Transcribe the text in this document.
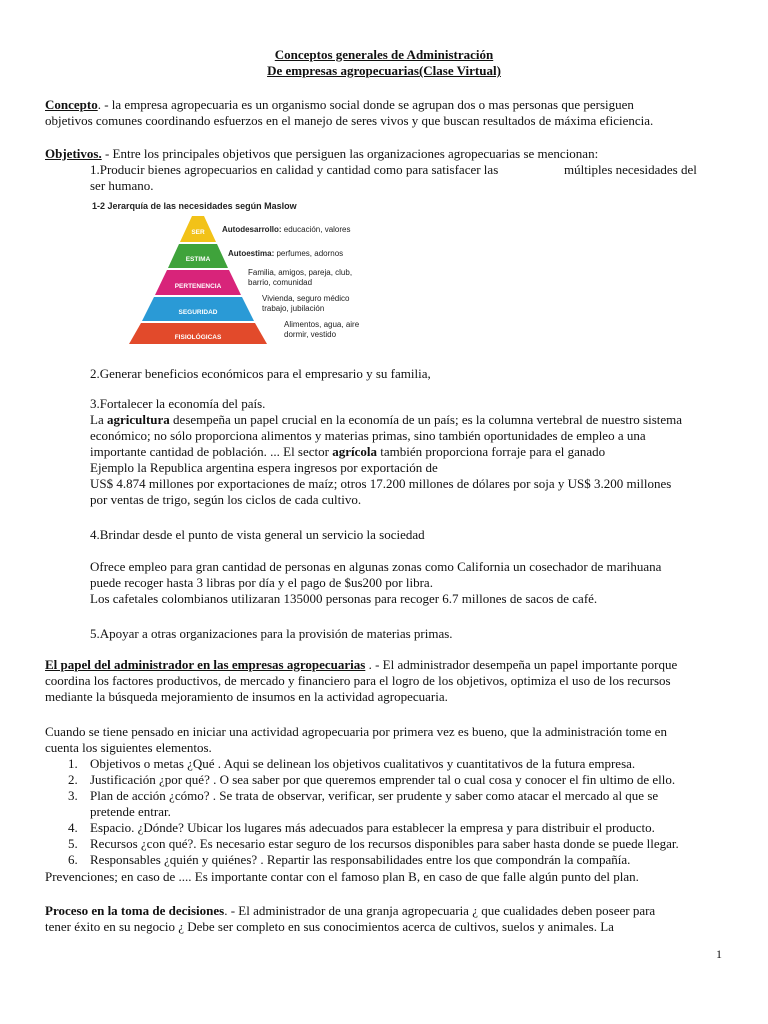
Conceptos generales de Administración
De empresas agropecuarias(Clase Virtual)
Concepto. - la empresa agropecuaria es un organismo social donde se agrupan dos o mas personas que persiguen
objetivos comunes coordinando esfuerzos en el manejo de seres vivos y que buscan resultados de máxima eficiencia.
Objetivos. - Entre los principales objetivos que persiguen las organizaciones agropecuarias se mencionan:
1.Producir bienes agropecuarios en calidad y cantidad como para satisfacer las	múltiples necesidades del
ser humano.
1-2 Jerarquía de las necesidades según Maslow
SER
ESTIMA
PERTENENCIA
SEGURIDAD
FISIOLÓGICAS
Autodesarrollo: educación, valores
Autoestima: perfumes, adornos
Familia, amigos, pareja, club,
barrio, comunidad
Vivienda, seguro médico
trabajo, jubilación
Alimentos, agua, aire
dormir, vestido
2.Generar beneficios económicos para el empresario y su familia,
3.Fortalecer la economía del país.
La agricultura desempeña un papel crucial en la economía de un país; es la columna vertebral de nuestro sistema
económico; no sólo proporciona alimentos y materias primas, sino también oportunidades de empleo a una
importante cantidad de población. ... El sector agrícola también proporciona forraje para el ganado
Ejemplo la Republica argentina espera ingresos por exportación de
US$ 4.874 millones por exportaciones de maíz; otros 17.200 millones de dólares por soja y US$ 3.200 millones
por ventas de trigo, según los ciclos de cada cultivo.
4.Brindar desde el punto de vista general un servicio la sociedad
Ofrece empleo para gran cantidad de personas en algunas zonas como California un cosechador de marihuana
puede recoger hasta 3 libras por día y el pago de $us200 por libra.
Los cafetales colombianos utilizaran 135000 personas para recoger 6.7 millones de sacos de café.
5.Apoyar a otras organizaciones para la provisión de materias primas.
El papel del administrador en las empresas agropecuarias . - El administrador desempeña un papel importante porque
coordina los factores productivos, de mercado y financiero para el logro de los objetivos, optimiza el uso de los recursos
mediante la búsqueda mejoramiento de insumos en la actividad agropecuaria.
Cuando se tiene pensado en iniciar una actividad agropecuaria por primera vez es bueno, que la administración tome en
cuenta los siguientes elementos.
1. Objetivos o metas ¿Qué . Aqui se delinean los objetivos cualitativos y cuantitativos de la futura empresa.
2. Justificación ¿por qué? . O sea saber por que queremos emprender tal o cual cosa y conocer el fin ultimo de ello.
3. Plan de acción ¿cómo? . Se trata de observar, verificar, ser prudente y saber como atacar el mercado al que se
pretende entrar.
4. Espacio. ¿Dónde? Ubicar los lugares más adecuados para establecer la empresa y para distribuir el producto.
5. Recursos ¿con qué?. Es necesario estar seguro de los recursos disponibles para saber hasta donde se puede llegar.
6. Responsables ¿quién y quiénes? . Repartir las responsabilidades entre los que compondrán la compañía.
Prevenciones; en caso de .... Es importante contar con el famoso plan B, en caso de que falle algún punto del plan.
Proceso en la toma de decisiones. - El administrador de una granja agropecuaria ¿ que cualidades deben poseer para
tener éxito en su negocio ¿ Debe ser completo en sus conocimientos acerca de cultivos, suelos y animales. La
1
